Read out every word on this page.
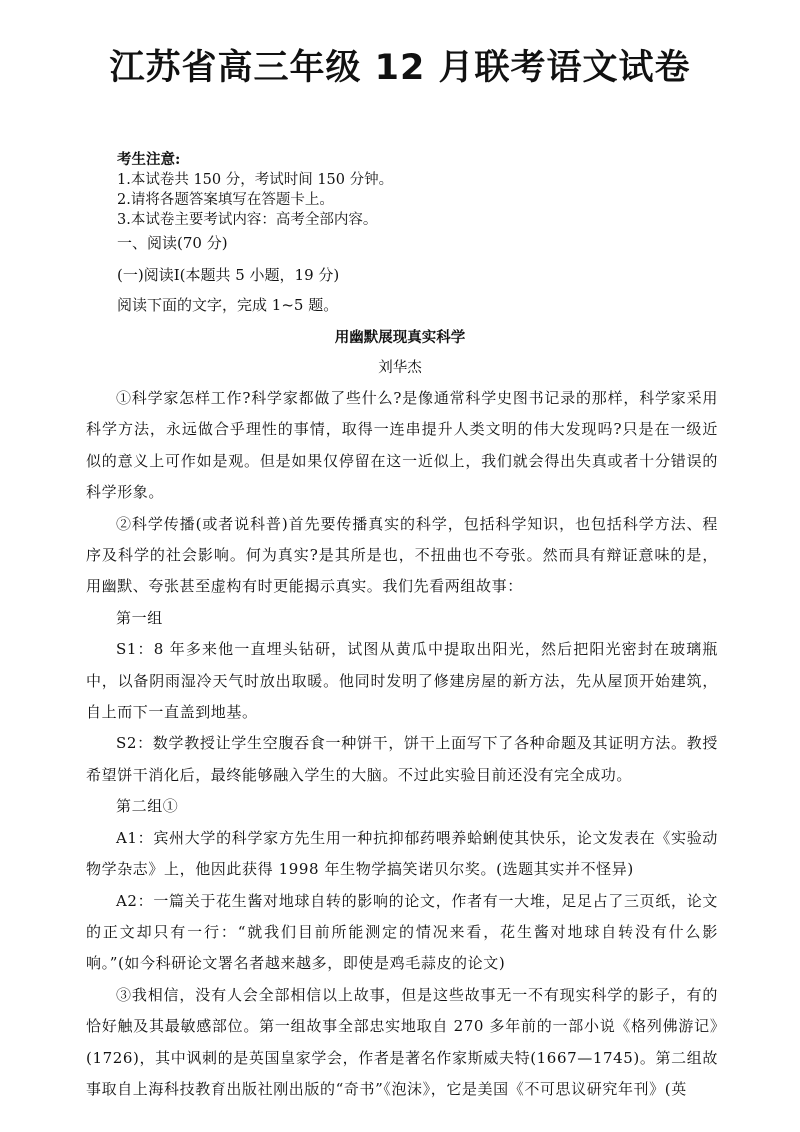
江苏省高三年级 12 月联考语文试卷
考生注意:
1.本试卷共 150 分，考试时间 150 分钟。
2.请将各题答案填写在答题卡上。
3.本试卷主要考试内容：高考全部内容。
一、阅读(70 分)
(一)阅读I(本题共 5 小题，19 分)
阅读下面的文字，完成 1~5 题。
用幽默展现真实科学
刘华杰

①科学家怎样工作?科学家都做了些什么?是像通常科学史图书记录的那样，科学家采用科学方法，永远做合乎理性的事情，取得一连串提升人类文明的伟大发现吗?只是在一级近似的意义上可作如是观。但是如果仅停留在这一近似上，我们就会得出失真或者十分错误的科学形象。

②科学传播(或者说科普)首先要传播真实的科学，包括科学知识，也包括科学方法、程序及科学的社会影响。何为真实?是其所是也，不扭曲也不夸张。然而具有辩证意味的是，用幽默、夸张甚至虚构有时更能揭示真实。我们先看两组故事：

第一组

S1：8 年多来他一直埋头钻研，试图从黄瓜中提取出阳光，然后把阳光密封在玻璃瓶中，以备阴雨湿冷天气时放出取暖。他同时发明了修建房屋的新方法，先从屋顶开始建筑，自上而下一直盖到地基。

S2：数学教授让学生空腹吞食一种饼干，饼干上面写下了各种命题及其证明方法。教授希望饼干消化后，最终能够融入学生的大脑。不过此实验目前还没有完全成功。

第二组①

A1：宾州大学的科学家方先生用一种抗抑郁药喂养蛤蜊使其快乐，论文发表在《实验动物学杂志》上，他因此获得 1998 年生物学搞笑诺贝尔奖。(选题其实并不怪异)

A2：一篇关于花生酱对地球自转的影响的论文，作者有一大堆，足足占了三页纸，论文的正文却只有一行：“就我们目前所能测定的情况来看，花生酱对地球自转没有什么影响。”(如今科研论文署名者越来越多，即使是鸡毛蒜皮的论文)

③我相信，没有人会全部相信以上故事，但是这些故事无一不有现实科学的影子，有的恰好触及其最敏感部位。第一组故事全部忠实地取自 270 多年前的一部小说《格列佛游记》(1726)，其中讽刺的是英国皇家学会，作者是著名作家斯威夫特(1667—1745)。第二组故事取自上海科技教育出版社刚出版的“奇书”《泡沫》，它是美国《不可思议研究年刊》(英
